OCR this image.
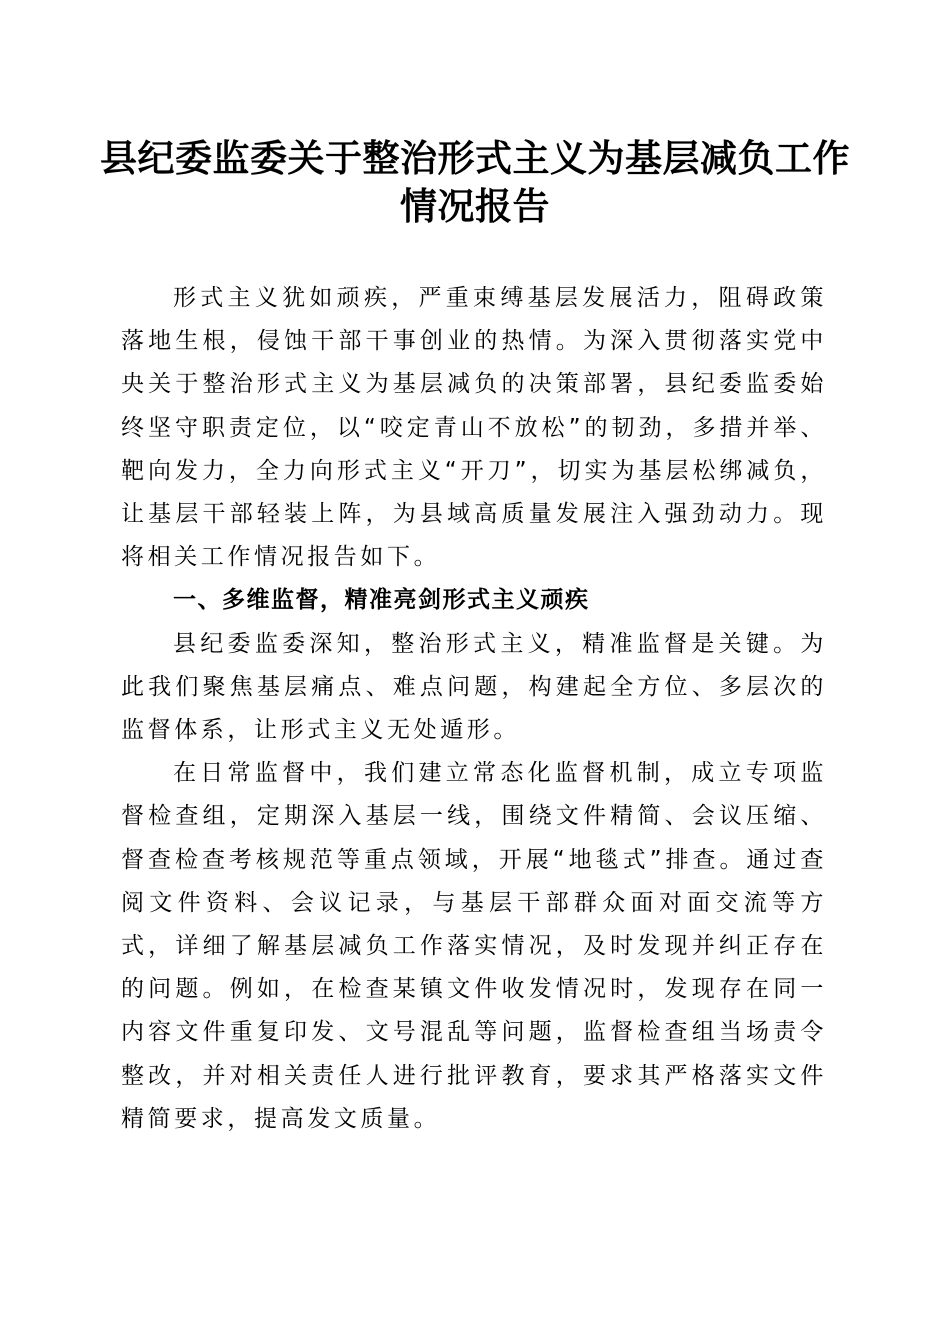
县纪委监委关于整治形式主义为基层减负工作
情况报告

形式主义犹如顽疾，严重束缚基层发展活力，阻碍政策落地生根，侵蚀干部干事创业的热情。为深入贯彻落实党中央关于整治形式主义为基层减负的决策部署，县纪委监委始终坚守职责定位，以“咬定青山不放松”的韧劲，多措并举、靶向发力，全力向形式主义“开刀”，切实为基层松绑减负，让基层干部轻装上阵，为县域高质量发展注入强劲动力。现将相关工作情况报告如下。

一、多维监督，精准亮剑形式主义顽疾

县纪委监委深知，整治形式主义，精准监督是关键。为此我们聚焦基层痛点、难点问题，构建起全方位、多层次的监督体系，让形式主义无处遁形。

在日常监督中，我们建立常态化监督机制，成立专项监督检查组，定期深入基层一线，围绕文件精简、会议压缩、督查检查考核规范等重点领域，开展“地毯式”排查。通过查阅文件资料、会议记录，与基层干部群众面对面交流等方式，详细了解基层减负工作落实情况，及时发现并纠正存在的问题。例如，在检查某镇文件收发情况时，发现存在同一内容文件重复印发、文号混乱等问题，监督检查组当场责令整改，并对相关责任人进行批评教育，要求其严格落实文件精简要求，提高发文质量。
